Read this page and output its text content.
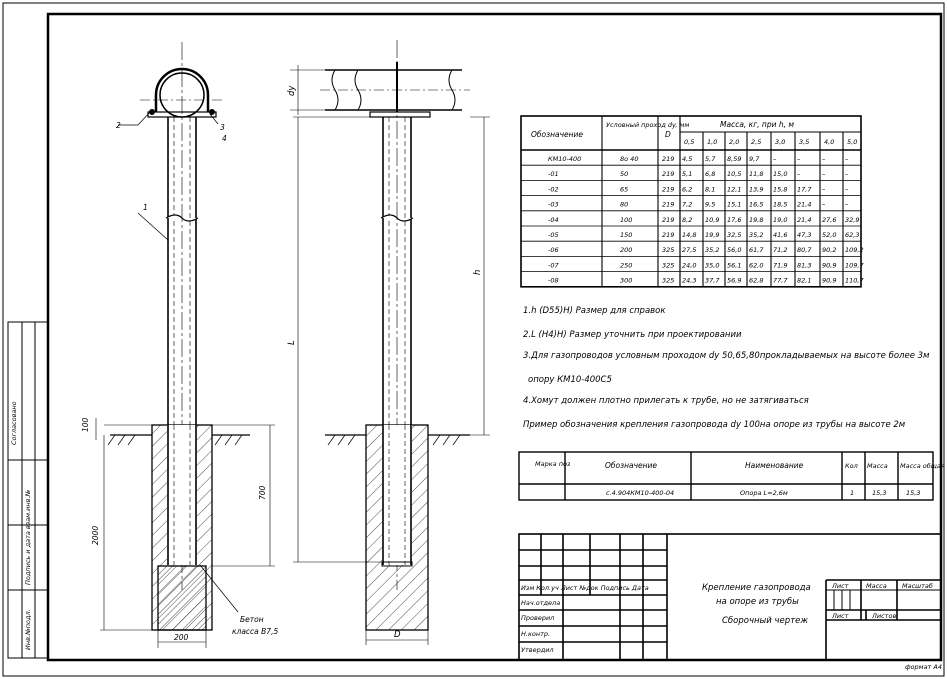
Согласовано
Подпись и дата взам.инв.№
Инв.№подл.
100
2000
700
200
2	3
4
1
Бетон
класса В7,5
dy
L
h
D
Обозначение
Условный проход dy, мм
D
Масса, кг, при h, м
0,5 1,0 2,0 2,5 3,0 3,5 4,0 5,0
КМ10-400	8о 40	219 4,5 5,7 8,59 9,7 –	–	–	–
-01	50	219 5,1 6,8 10,5 11,8 15,0 –	–	–
-02	65	219 6,2 8,1 12,1 13,9 15,8 17,7 –	–
-03	80	219 7,2 9,5 15,1 16,5 18,5 21,4 –	–
-04	100	219 8,2 10,9 17,6 19,8 19,0 21,4 27,6 32,9
-05	150	219 14,8 19,9 32,5 35,2 41,6 47,3 52,0 62,3
-06	200	325 27,5 35,2 56,0 61,7 71,2 80,7 90,2 109,2
-07	250	325 24,0 35,0 56,1 62,0 71,9 81,3 90,9 109,7
-08	300	325 24,3 37,7 56,9 62,8 77,7 82,1 90,9 110,7
1.h (D55)H) Размер для справок
2.L (H4)H) Размер уточнить при проектировании
3.Для газопроводов условным проходом dy 50,65,80прокладываемых на высоте более 3м
опору КМ10-400С5
4.Хомут должен плотно прилегать к трубе, но не затягиваться
Пример обозначения крепления газопровода dy 100на опоре из трубы на высоте 2м
Марка поз	Обозначение	Наименование	Кол Масса Масса общая
с.4.904КМ10-400-04	Опора L=2,6м	1	15,3	15,3
Изм Кол.уч Лист №док Подпись Дата
Нач.отдела
Проверил
Н.контр.
Утвердил
Крепление газопровода
на опоре из трубы
Сборочный чертеж
Лист	Масса Масштаб
Лист	Листов
формат А4
